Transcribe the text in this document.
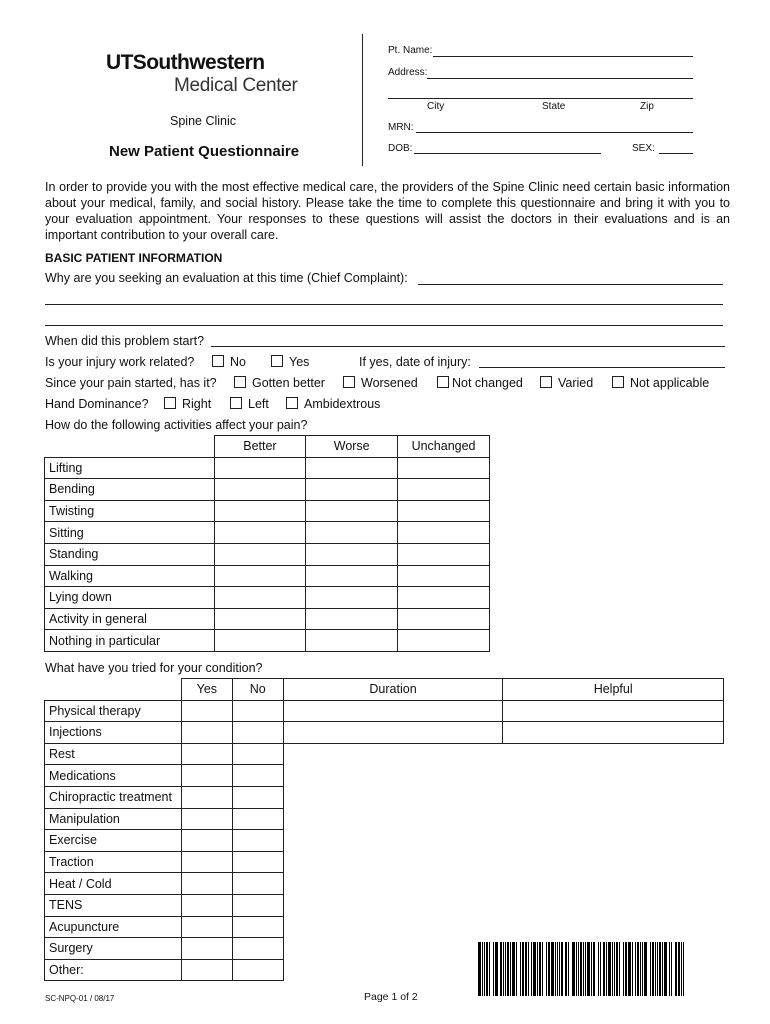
UTSouthwestern
Medical Center
Spine Clinic
New Patient Questionnaire
Pt. Name:
Address:
City	State	Zip
MRN:
DOB:	SEX:
In order to provide you with the most effective medical care, the providers of the Spine Clinic need certain basic information about your medical, family, and social history. Please take the time to complete this questionnaire and bring it with you to your evaluation appointment. Your responses to these questions will assist the doctors in their evaluations and is an important contribution to your overall care.
BASIC PATIENT INFORMATION
Why are you seeking an evaluation at this time (Chief Complaint):
When did this problem start?
Is your injury work related?	No	Yes	If yes, date of injury:
Since your pain started, has it?	Gotten better	Worsened	Not changed	Varied	Not applicable
Hand Dominance?	Right	Left	Ambidextrous
How do the following activities affect your pain?
	Better	Worse	Unchanged
Lifting			
Bending			
Twisting			
Sitting			
Standing			
Walking			
Lying down			
Activity in general			
Nothing in particular			
What have you tried for your condition?
	Yes	No	Duration	Helpful
Physical therapy				
Injections				
Rest				
Medications				
Chiropractic treatment				
Manipulation				
Exercise				
Traction				
Heat / Cold				
TENS				
Acupuncture				
Surgery				
Other:				
SC-NPQ-01 / 08/17	Page 1 of 2
